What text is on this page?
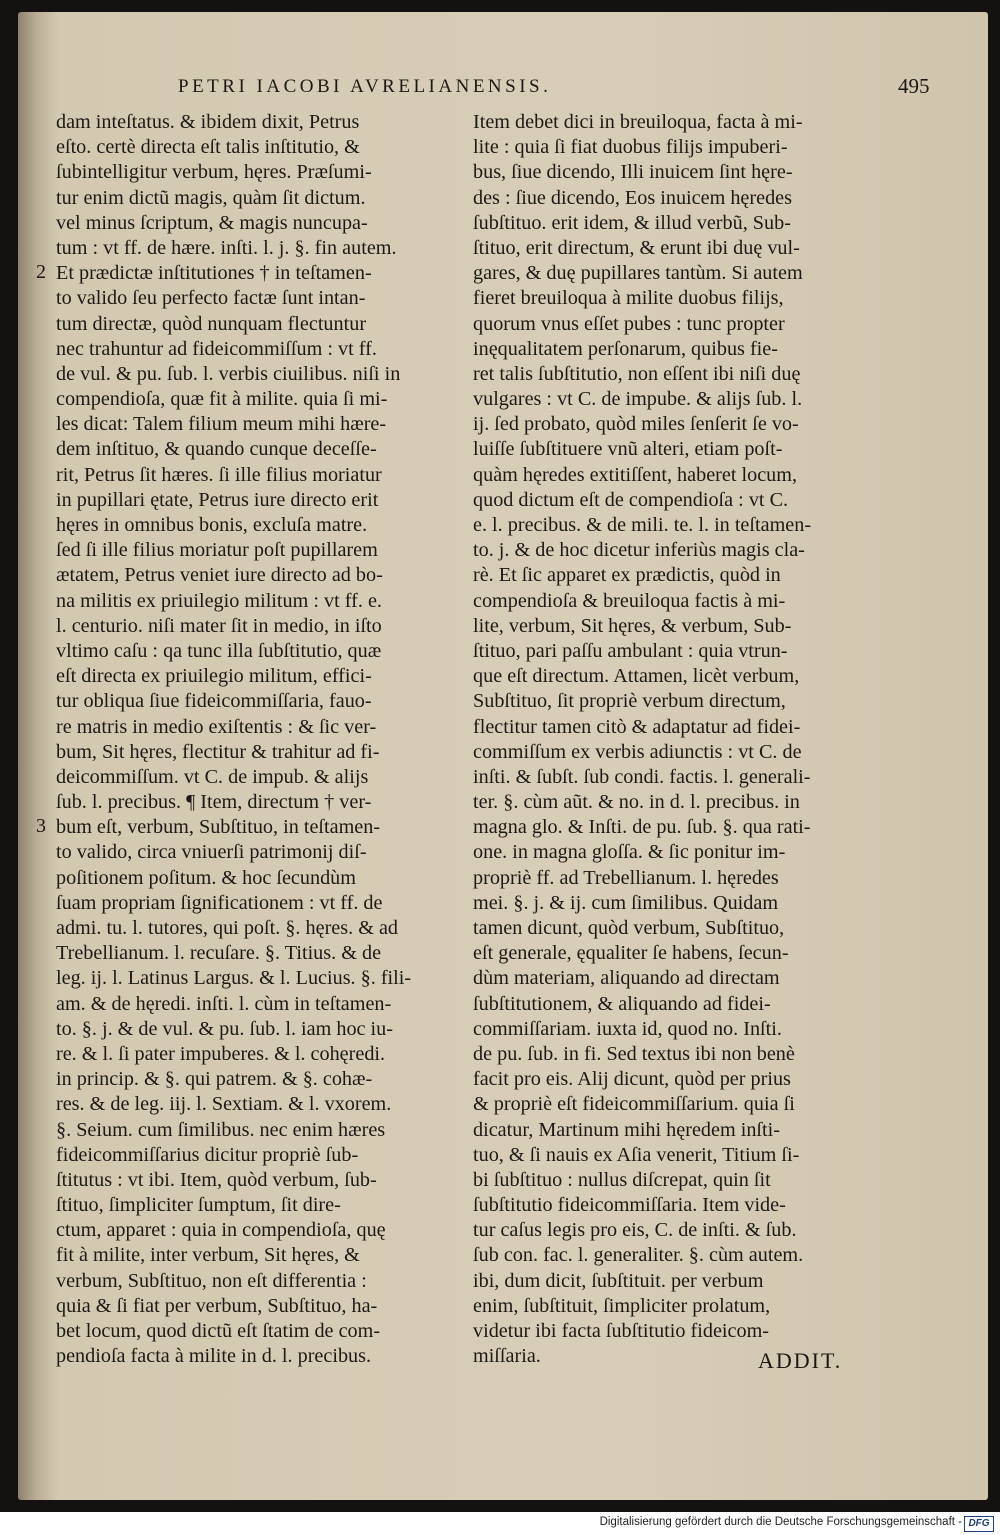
PETRI IACOBI AVRELIANENSIS.	495
2
3
dam inteſtatus. & ibidem dixit, Petrus
eſto. certè directa eſt talis inſtitutio, &
ſubintelligitur verbum, hęres. Præſumi-
tur enim dictũ magis, quàm ſit dictum.
vel minus ſcriptum, & magis nuncupa-
tum : vt ff. de hære. inſti. l. j. §. fin autem.
Et prædictæ inſtitutiones † in teſtamen-
to valido ſeu perfecto factæ ſunt intan-
tum directæ, quòd nunquam flectuntur
nec trahuntur ad fideicommiſſum : vt ff.
de vul. & pu. ſub. l. verbis ciuilibus. niſi in
compendioſa, quæ fit à milite. quia ſi mi-
les dicat: Talem filium meum mihi hære-
dem inſtituo, & quando cunque deceſſe-
rit, Petrus ſit hæres. ſi ille filius moriatur
in pupillari ętate, Petrus iure directo erit
hęres in omnibus bonis, excluſa matre.
ſed ſi ille filius moriatur poſt pupillarem
ætatem, Petrus veniet iure directo ad bo-
na militis ex priuilegio militum : vt ff. e.
l. centurio. niſi mater ſit in medio, in iſto
vltimo caſu : qa tunc illa ſubſtitutio, quæ
eſt directa ex priuilegio militum, effici-
tur obliqua ſiue fideicommiſſaria, fauo-
re matris in medio exiſtentis : & ſic ver-
bum, Sit hęres, flectitur & trahitur ad fi-
deicommiſſum. vt C. de impub. & alijs
ſub. l. precibus. ¶ Item, directum † ver-
bum eſt, verbum, Subſtituo, in teſtamen-
to valido, circa vniuerſi patrimonij diſ-
poſitionem poſitum. & hoc ſecundùm
ſuam propriam ſignificationem : vt ff. de
admi. tu. l. tutores, qui poſt. §. hęres. & ad
Trebellianum. l. recuſare. §. Titius. & de
leg. ij. l. Latinus Largus. & l. Lucius. §. fili-
am. & de hęredi. inſti. l. cùm in teſtamen-
to. §. j. & de vul. & pu. ſub. l. iam hoc iu-
re. & l. ſi pater impuberes. & l. cohęredi.
in princip. & §. qui patrem. & §. cohæ-
res. & de leg. iij. l. Sextiam. & l. vxorem.
§. Seium. cum ſimilibus. nec enim hæres
fideicommiſſarius dicitur propriè ſub-
ſtitutus : vt ibi. Item, quòd verbum, ſub-
ſtituo, ſimpliciter ſumptum, ſit dire-
ctum, apparet : quia in compendioſa, quę
fit à milite, inter verbum, Sit hęres, &
verbum, Subſtituo, non eſt differentia :
quia & ſi fiat per verbum, Subſtituo, ha-
bet locum, quod dictũ eſt ſtatim de com-
pendioſa facta à milite in d. l. precibus.
Item debet dici in breuiloqua, facta à mi-
lite : quia ſi fiat duobus filijs impuberi-
bus, ſiue dicendo, Illi inuicem ſint hęre-
des : ſiue dicendo, Eos inuicem hęredes
ſubſtituo. erit idem, & illud verbũ, Sub-
ſtituo, erit directum, & erunt ibi duę vul-
gares, & duę pupillares tantùm. Si autem
fieret breuiloqua à milite duobus filijs,
quorum vnus eſſet pubes : tunc propter
inęqualitatem perſonarum, quibus fie-
ret talis ſubſtitutio, non eſſent ibi niſi duę
vulgares : vt C. de impube. & alijs ſub. l.
ij. ſed probato, quòd miles ſenſerit ſe vo-
luiſſe ſubſtituere vnũ alteri, etiam poſt-
quàm hęredes extitiſſent, haberet locum,
quod dictum eſt de compendioſa : vt C.
e. l. precibus. & de mili. te. l. in teſtamen-
to. j. & de hoc dicetur inferiùs magis cla-
rè. Et ſic apparet ex prædictis, quòd in
compendioſa & breuiloqua factis à mi-
lite, verbum, Sit hęres, & verbum, Sub-
ſtituo, pari paſſu ambulant : quia vtrun-
que eſt directum. Attamen, licèt verbum,
Subſtituo, ſit propriè verbum directum,
flectitur tamen citò & adaptatur ad fidei-
commiſſum ex verbis adiunctis : vt C. de
inſti. & ſubſt. ſub condi. factis. l. generali-
ter. §. cùm aũt. & no. in d. l. precibus. in
magna glo. & Inſti. de pu. ſub. §. qua rati-
one. in magna gloſſa. & ſic ponitur im-
propriè ff. ad Trebellianum. l. hęredes
mei. §. j. & ij. cum ſimilibus. Quidam
tamen dicunt, quòd verbum, Subſtituo,
eſt generale, ęqualiter ſe habens, ſecun-
dùm materiam, aliquando ad directam
ſubſtitutionem, & aliquando ad fidei-
commiſſariam. iuxta id, quod no. Inſti.
de pu. ſub. in fi. Sed textus ibi non benè
facit pro eis. Alij dicunt, quòd per prius
& propriè eſt fideicommiſſarium. quia ſi
dicatur, Martinum mihi hęredem inſti-
tuo, & ſi nauis ex Aſia venerit, Titium ſi-
bi ſubſtituo : nullus diſcrepat, quin ſit
ſubſtitutio fideicommiſſaria. Item vide-
tur caſus legis pro eis, C. de inſti. & ſub.
ſub con. fac. l. generaliter. §. cùm autem.
ibi, dum dicit, ſubſtituit. per verbum
enim, ſubſtituit, ſimpliciter prolatum,
videtur ibi facta ſubſtitutio fideicom-
miſſaria.	ADDIT.
Digitalisierung gefördert durch die Deutsche Forschungsgemeinschaft - DFG
